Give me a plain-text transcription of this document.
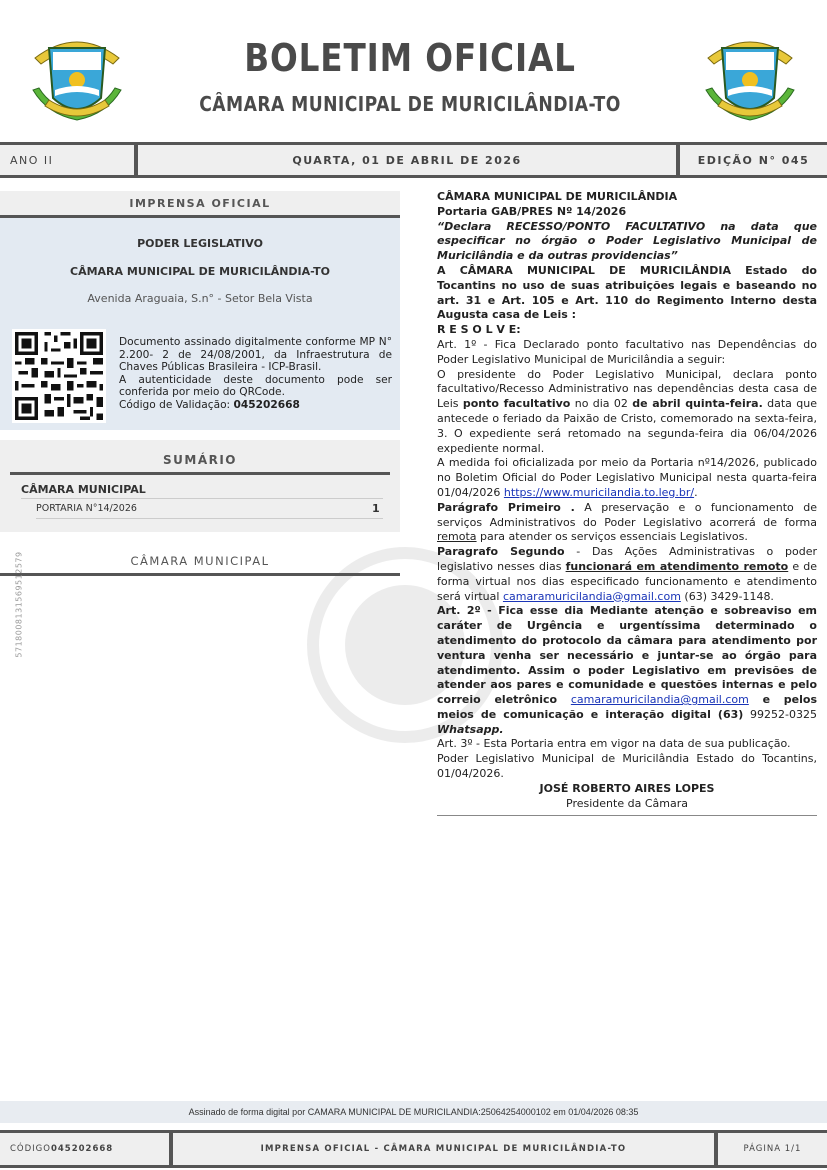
BOLETIM OFICIAL
CÂMARA MUNICIPAL DE MURICILÂNDIA-TO
ANO II	QUARTA, 01 DE ABRIL DE 2026	EDIÇÃO N° 045
IMPRENSA OFICIAL
PODER LEGISLATIVO
CÂMARA MUNICIPAL DE MURICILÂNDIA-TO
Avenida Araguaia, S.n° - Setor Bela Vista
Documento assinado digitalmente conforme MP N° 2.200- 2 de 24/08/2001, da Infraestrutura de Chaves Públicas Brasileira - ICP-Brasil.
A autenticidade deste documento pode ser conferida por meio do QRCode.
Código de Validação: 045202668
SUMÁRIO
CÂMARA MUNICIPAL
PORTARIA N°14/2026	1
CÂMARA MUNICIPAL
5718008131569512579

CÂMARA MUNICIPAL DE MURICILÂNDIA

Portaria GAB/PRES Nº 14/2026

“Declara RECESSO/PONTO FACULTATIVO na data que especificar no órgão o Poder Legislativo Municipal de Muricilândia e da outras providencias”

A CÂMARA MUNICIPAL DE MURICILÂNDIA Estado do Tocantins no uso de suas atribuições legais e baseando no art. 31 e Art. 105 e Art. 110 do Regimento Interno desta Augusta casa de Leis :

R E S O L V E:

Art. 1º - Fica Declarado ponto facultativo nas Dependências do Poder Legislativo Municipal de Muricilândia a seguir:

O presidente do Poder Legislativo Municipal, declara ponto facultativo/Recesso Administrativo nas dependências desta casa de Leis ponto facultativo no dia 02 de abril quinta-feira. data que antecede o feriado da Paixão de Cristo, comemorado na sexta-feira, 3. O expediente será retomado na segunda-feira dia 06/04/2026 expediente normal.

A medida foi oficializada por meio da Portaria nº14/2026, publicado no Boletim Oficial do Poder Legislativo Municipal nesta quarta-feira 01/04/2026 https://www.muricilandia.to.leg.br/.

Parágrafo Primeiro . A preservação e o funcionamento de serviços Administrativos do Poder Legislativo acorrerá de forma remota para atender os serviços essenciais Legislativos.

Paragrafo Segundo - Das Ações Administrativas o poder legislativo nesses dias funcionará em atendimento remoto e de forma virtual nos dias especificado funcionamento e atendimento será virtual camaramuricilandia@gmail.com (63) 3429-1148.

Art. 2º - Fica esse dia Mediante atenção e sobreaviso em caráter de Urgência e urgentíssima determinado o atendimento do protocolo da câmara para atendimento por ventura venha ser necessário e juntar-se ao órgão para atendimento. Assim o poder Legislativo em previsões de atender aos pares e comunidade e questões internas e pelo correio eletrônico camaramuricilandia@gmail.com e pelos meios de comunicação e interação digital (63) 99252-0325 Whatsapp.

Art. 3º - Esta Portaria entra em vigor na data de sua publicação.

Poder Legislativo Municipal de Muricilândia Estado do Tocantins, 01/04/2026.

JOSÉ ROBERTO AIRES LOPES

Presidente da Câmara

Assinado de forma digital por CAMARA MUNICIPAL DE MURICILANDIA:25064254000102 em 01/04/2026 08:35
CÓDIGO 045202668	IMPRENSA OFICIAL - CÂMARA MUNICIPAL DE MURICILÂNDIA-TO	PÁGINA 1/1
